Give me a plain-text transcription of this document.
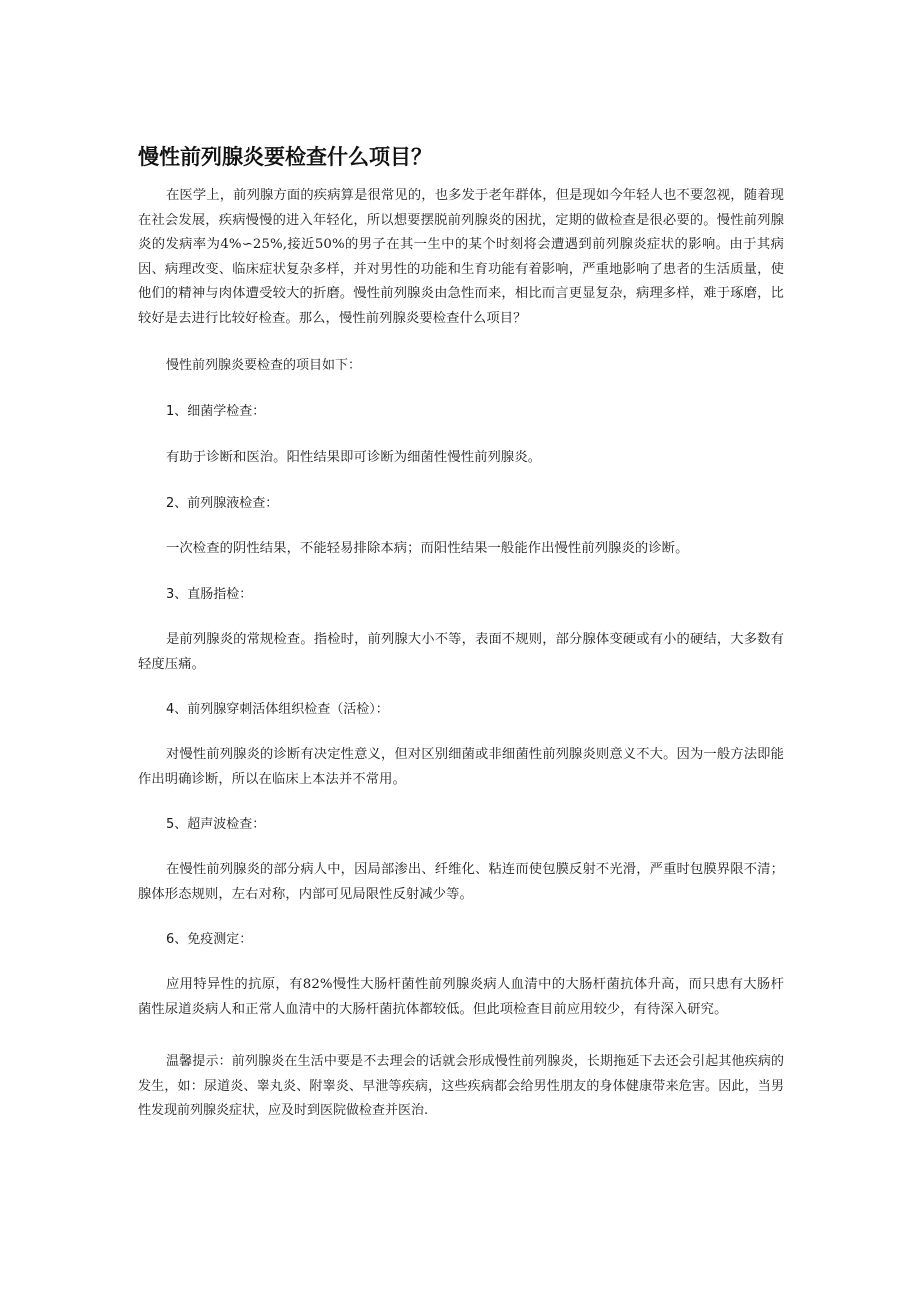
慢性前列腺炎要检查什么项目？

在医学上，前列腺方面的疾病算是很常见的，也多发于老年群体，但是现如今年轻人也不要忽视，随着现在社会发展，疾病慢慢的进入年轻化，所以想要摆脱前列腺炎的困扰，定期的做检查是很必要的。慢性前列腺炎的发病率为4%∽25%,接近50%的男子在其一生中的某个时刻将会遭遇到前列腺炎症状的影响。由于其病因、病理改变、临床症状复杂多样，并对男性的功能和生育功能有着影响，严重地影响了患者的生活质量，使他们的精神与肉体遭受较大的折磨。慢性前列腺炎由急性而来，相比而言更显复杂，病理多样，难于琢磨，比较好是去进行比较好检查。那么，慢性前列腺炎要检查什么项目？

慢性前列腺炎要检查的项目如下：

1、细菌学检查：

有助于诊断和医治。阳性结果即可诊断为细菌性慢性前列腺炎。

2、前列腺液检查：

一次检查的阴性结果，不能轻易排除本病；而阳性结果一般能作出慢性前列腺炎的诊断。

3、直肠指检：

是前列腺炎的常规检查。指检时，前列腺大小不等，表面不规则，部分腺体变硬或有小的硬结，大多数有轻度压痛。

4、前列腺穿刺活体组织检查（活检）：

对慢性前列腺炎的诊断有决定性意义，但对区别细菌或非细菌性前列腺炎则意义不大。因为一般方法即能作出明确诊断，所以在临床上本法并不常用。

5、超声波检查：

在慢性前列腺炎的部分病人中，因局部渗出、纤维化、粘连而使包膜反射不光滑，严重时包膜界限不清；腺体形态规则，左右对称，内部可见局限性反射减少等。

6、免疫测定：

应用特异性的抗原，有82%慢性大肠杆菌性前列腺炎病人血清中的大肠杆菌抗体升高，而只患有大肠杆菌性尿道炎病人和正常人血清中的大肠杆菌抗体都较低。但此项检查目前应用较少，有待深入研究。

温馨提示：前列腺炎在生活中要是不去理会的话就会形成慢性前列腺炎，长期拖延下去还会引起其他疾病的发生，如：尿道炎、睾丸炎、附睾炎、早泄等疾病，这些疾病都会给男性朋友的身体健康带来危害。因此，当男性发现前列腺炎症状，应及时到医院做检查并医治.
